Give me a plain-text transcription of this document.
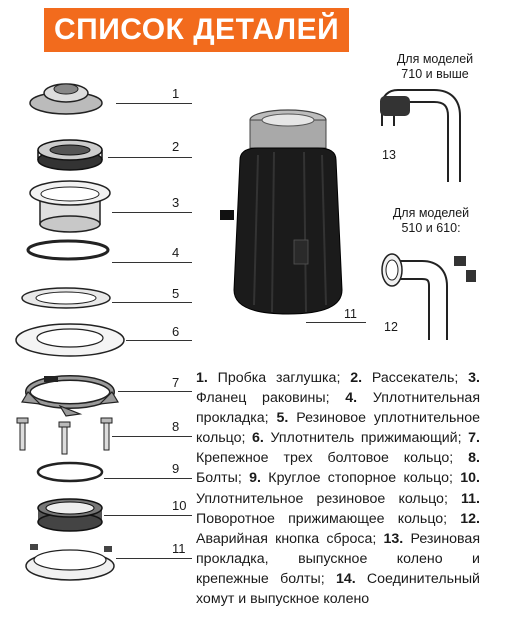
СПИСОК ДЕТАЛЕЙ
1
2
3
4
5
6
7
8
9
10
11
11
Для моделей
710 и выше
13
Для моделей
510 и 610:
12
1. Пробка заглушка; 2. Рассекатель; 3. Фланец раковины; 4. Уплотнительная прокладка; 5. Резиновое уплотнительное кольцо; 6. Уплотнитель прижимающий; 7. Крепежное трех болтовое кольцо; 8. Болты; 9. Круглое стопорное кольцо; 10. Уплотнительное резиновое кольцо; 11. Поворотное прижимающее кольцо; 12. Аварийная кнопка сброса; 13. Резиновая прокладка, выпускное колено и крепежные болты; 14. Соединительный хомут и выпускное колено
